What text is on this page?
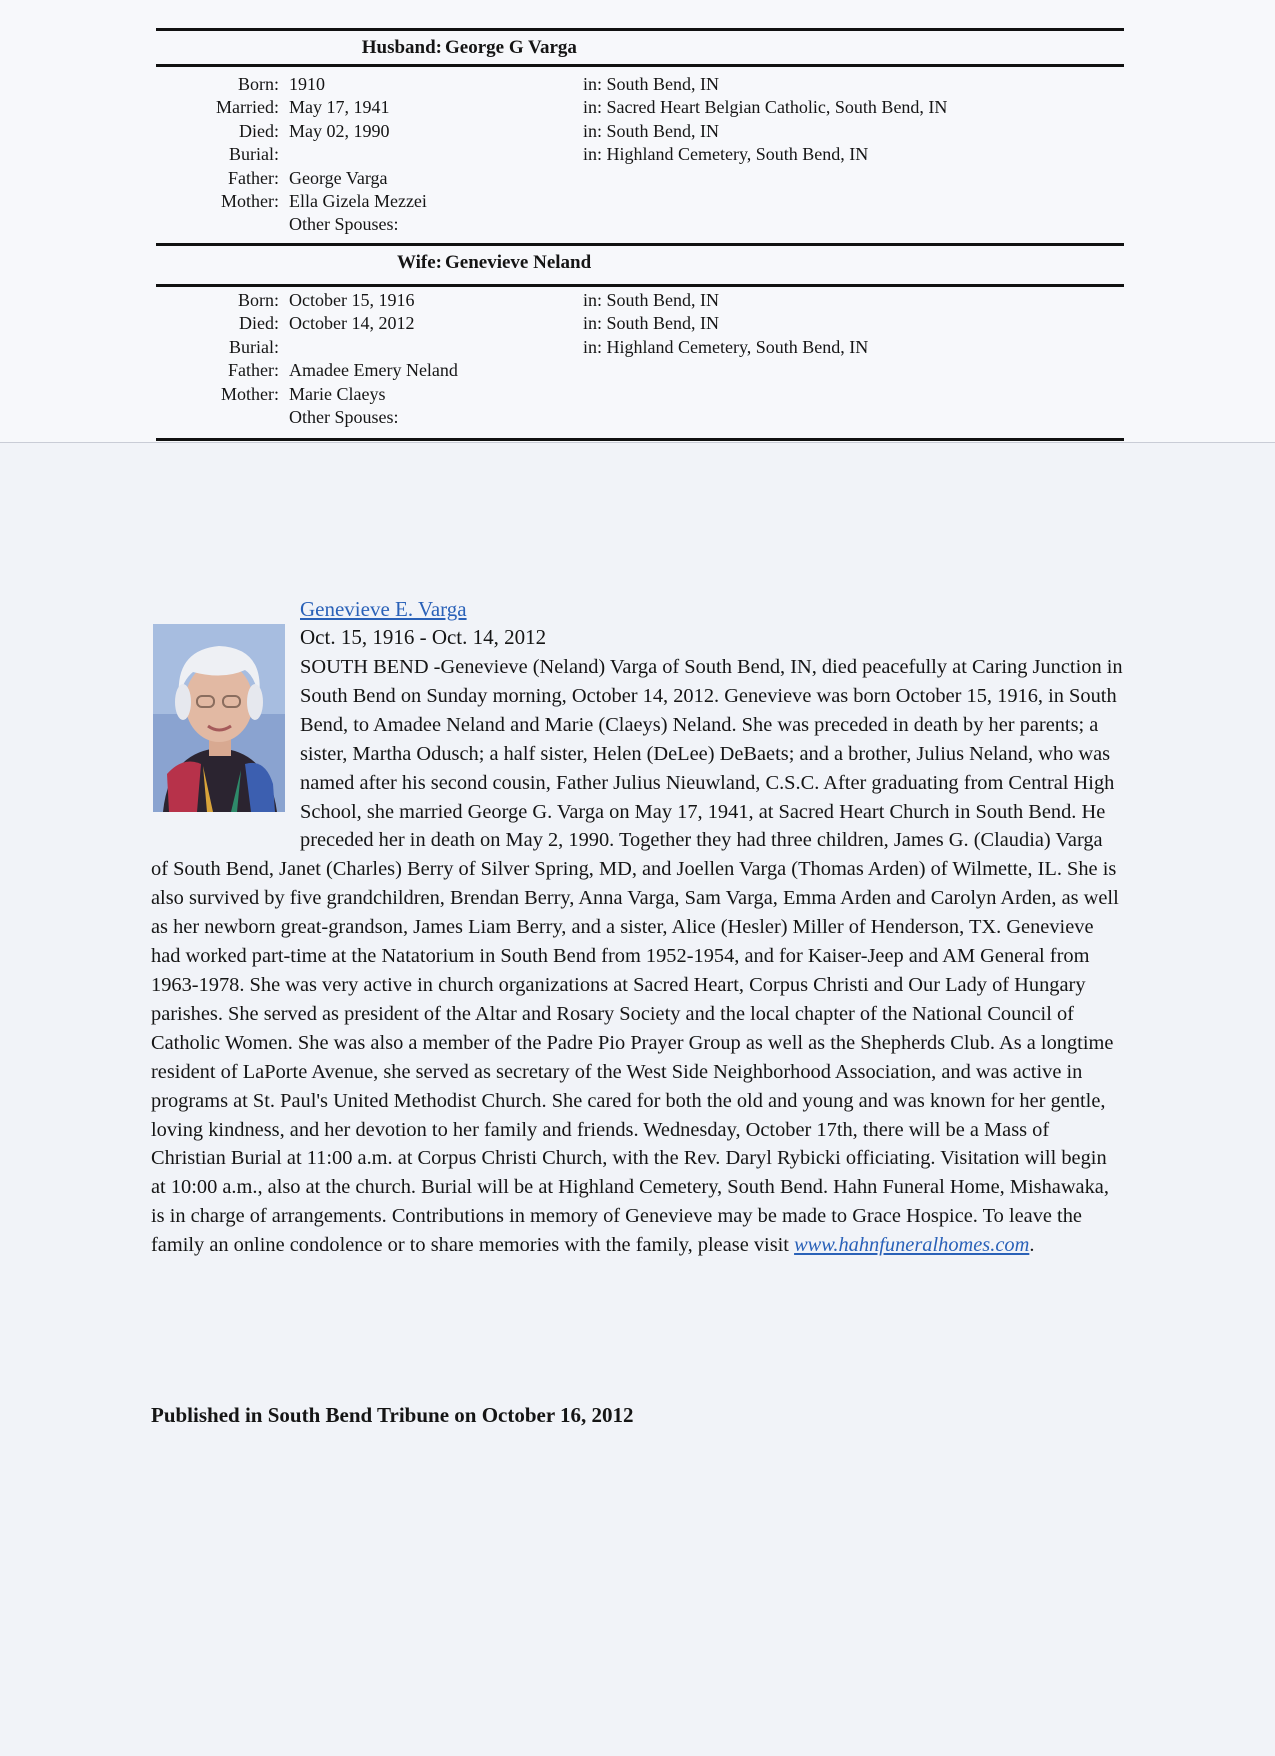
Husband: George G Varga
Born: 1910	in: South Bend, IN
Married: May 17, 1941	in: Sacred Heart Belgian Catholic, South Bend, IN
Died: May 02, 1990	in: South Bend, IN
Burial:	in: Highland Cemetery, South Bend, IN
Father: George Varga
Mother: Ella Gizela Mezzei
Other Spouses:
Wife: Genevieve Neland
Born: October 15, 1916	in: South Bend, IN
Died: October 14, 2012	in: South Bend, IN
Burial:	in: Highland Cemetery, South Bend, IN
Father: Amadee Emery Neland
Mother: Marie Claeys
Other Spouses:
Genevieve E. Varga
Oct. 15, 1916 - Oct. 14, 2012
SOUTH BEND -Genevieve (Neland) Varga of South Bend, IN, died peacefully at Caring Junction in South Bend on Sunday morning, October 14, 2012. Genevieve was born October 15, 1916, in South Bend, to Amadee Neland and Marie (Claeys) Neland. She was preceded in death by her parents; a sister, Martha Odusch; a half sister, Helen (DeLee) DeBaets; and a brother, Julius Neland, who was named after his second cousin, Father Julius Nieuwland, C.S.C. After graduating from Central High School, she married George G. Varga on May 17, 1941, at Sacred Heart Church in South Bend. He preceded her in death on May 2, 1990. Together they had three children, James G. (Claudia) Varga of South Bend, Janet (Charles) Berry of Silver Spring, MD, and Joellen Varga (Thomas Arden) of Wilmette, IL. She is also survived by five grandchildren, Brendan Berry, Anna Varga, Sam Varga, Emma Arden and Carolyn Arden, as well as her newborn great-grandson, James Liam Berry, and a sister, Alice (Hesler) Miller of Henderson, TX. Genevieve had worked part-time at the Natatorium in South Bend from 1952-1954, and for Kaiser-Jeep and AM General from 1963-1978. She was very active in church organizations at Sacred Heart, Corpus Christi and Our Lady of Hungary parishes. She served as president of the Altar and Rosary Society and the local chapter of the National Council of Catholic Women. She was also a member of the Padre Pio Prayer Group as well as the Shepherds Club. As a longtime resident of LaPorte Avenue, she served as secretary of the West Side Neighborhood Association, and was active in programs at St. Paul's United Methodist Church. She cared for both the old and young and was known for her gentle, loving kindness, and her devotion to her family and friends. Wednesday, October 17th, there will be a Mass of Christian Burial at 11:00 a.m. at Corpus Christi Church, with the Rev. Daryl Rybicki officiating. Visitation will begin at 10:00 a.m., also at the church. Burial will be at Highland Cemetery, South Bend. Hahn Funeral Home, Mishawaka, is in charge of arrangements. Contributions in memory of Genevieve may be made to Grace Hospice. To leave the family an online condolence or to share memories with the family, please visit www.hahnfuneralhomes.com.
Published in South Bend Tribune on October 16, 2012
